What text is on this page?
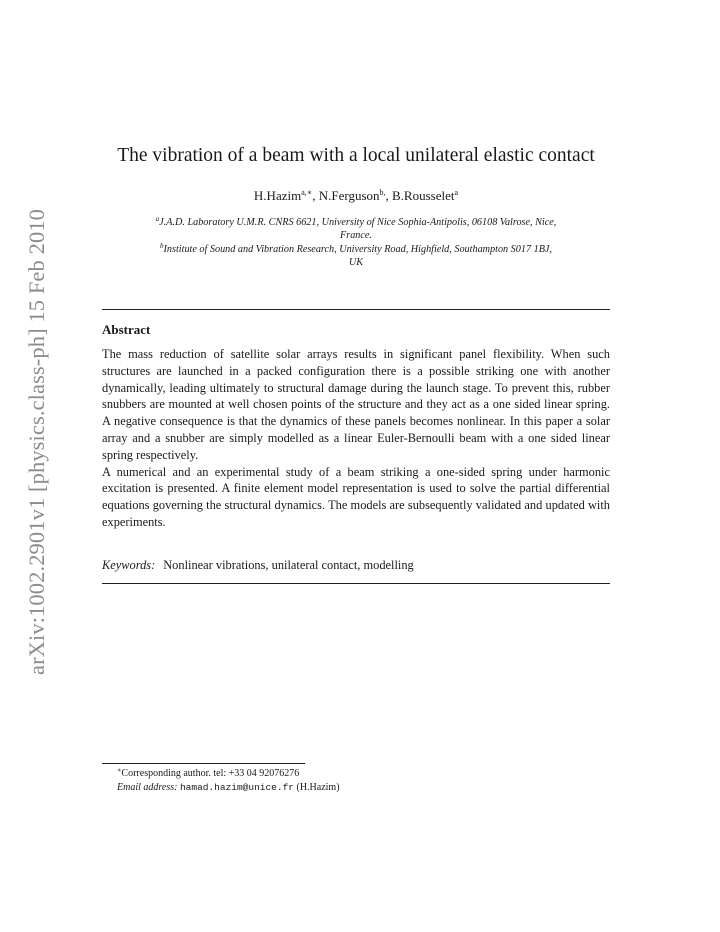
arXiv:1002.2901v1 [physics.class-ph] 15 Feb 2010
The vibration of a beam with a local unilateral elastic contact
H.Hazim$^{a,∗}$, N.Ferguson$^{b,}$, B.Rousselet$^a$
$^a$J.A.D. Laboratory U.M.R. CNRS 6621, University of Nice Sophia-Antipolis, 06108 Valrose, Nice,
France.
$^b$Institute of Sound and Vibration Research, University Road, Highfield, Southampton S017 1BJ,
UK
Abstract

The mass reduction of satellite solar arrays results in significant panel flexibility. When such structures are launched in a packed configuration there is a possible striking one with another dynamically, leading ultimately to structural damage during the launch stage. To prevent this, rubber snubbers are mounted at well chosen points of the structure and they act as a one sided linear spring. A negative consequence is that the dynamics of these panels becomes nonlinear. In this paper a solar array and a snubber are simply modelled as a linear Euler-Bernoulli beam with a one sided linear spring respectively.

A numerical and an experimental study of a beam striking a one-sided spring under harmonic excitation is presented. A finite element model representation is used to solve the partial differential equations governing the structural dynamics. The models are subsequently validated and updated with experiments.

Keywords: Nonlinear vibrations, unilateral contact, modelling
∗Corresponding author. tel: +33 04 92076276
Email address: hamad.hazim@unice.fr (H.Hazim)
